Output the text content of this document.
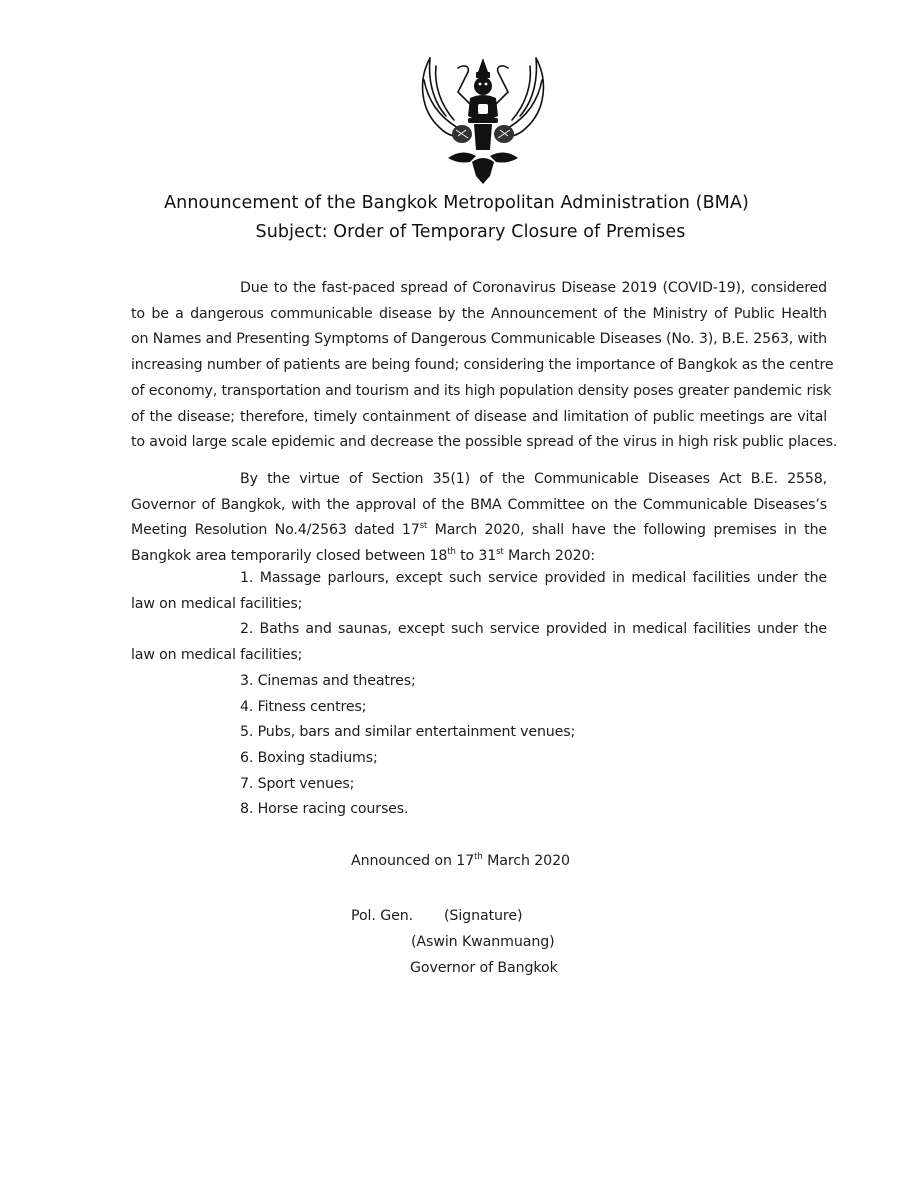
Announcement of the Bangkok Metropolitan Administration (BMA)
Subject: Order of Temporary Closure of Premises
Due to the fast-paced spread of Coronavirus Disease 2019 (COVID-19), considered
to be a dangerous communicable disease by the Announcement of the Ministry of Public Health
on Names and Presenting Symptoms of Dangerous Communicable Diseases (No. 3), B.E. 2563, with
increasing number of patients are being found; considering the importance of Bangkok as the centre
of economy, transportation and tourism and its high population density poses greater pandemic risk
of the disease; therefore, timely containment of disease and limitation of public meetings are vital
to avoid large scale epidemic and decrease the possible spread of the virus in high risk public places.
By the virtue of Section 35(1) of the Communicable Diseases Act B.E. 2558,
Governor of Bangkok, with the approval of the BMA Committee on the Communicable Diseases’s
Meeting Resolution No.4/2563 dated 17st March 2020, shall have the following premises in the
Bangkok area temporarily closed between 18th to 31st March 2020:
1. Massage parlours, except such service provided in medical facilities under the
law on medical facilities;
2. Baths and saunas, except such service provided in medical facilities under the
law on medical facilities;
3. Cinemas and theatres;
4. Fitness centres;
5. Pubs, bars and similar entertainment venues;
6. Boxing stadiums;
7. Sport venues;
8. Horse racing courses.
Announced on 17th March 2020
Pol. Gen. (Signature)
(Aswin Kwanmuang)
Governor of Bangkok
